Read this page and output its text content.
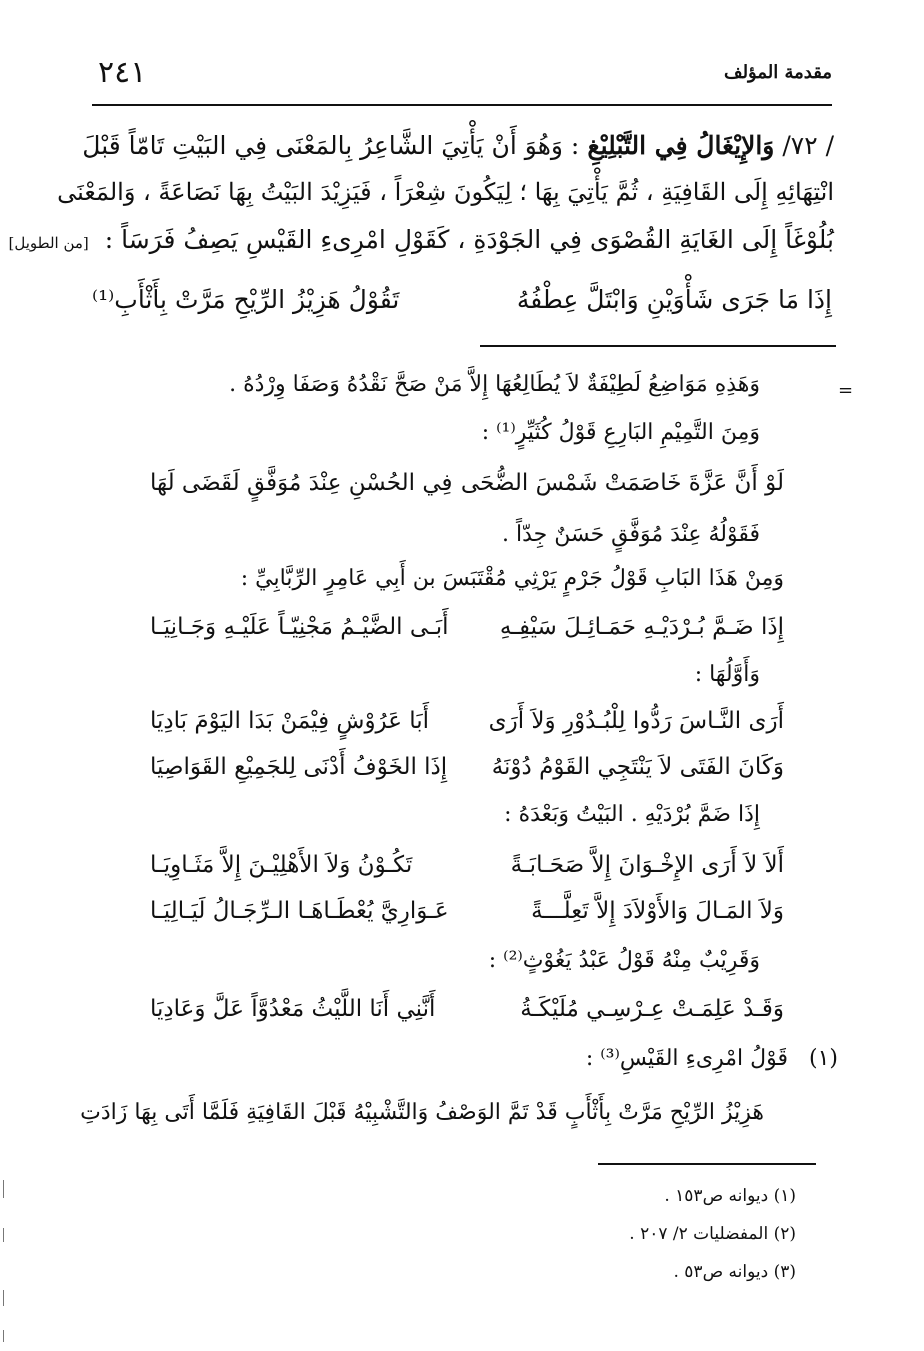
مقدمة المؤلف
٢٤١
/ ٧٢/ وَالإِيْغَالُ فِي التَّبْلِيْغِ : وَهُوَ أَنْ يَأْتِيَ الشَّاعِرُ بِالمَعْنَى فِي البَيْتِ تَامّاً قَبْلَ
انْتِهَائِهِ إِلَى القَافِيَةِ ، ثُمَّ يَأْتِيَ بِهَا ؛ لِيَكُونَ شِعْرَاً ، فَيَزِيْدَ البَيْتُ بِهَا نَصَاعَةً ، وَالمَعْنَى
بُلُوْغَاً إِلَى الغَايَةِ القُصْوَى فِي الجَوْدَةِ ، كَقَوْلِ امْرِىءِ القَيْسِ يَصِفُ فَرَسَاً : [من الطويل]
إِذَا مَا جَرَى شَأْوَيْنِ وَابْتَلَّ عِطْفُهُ
تَقُوْلُ هَزِيْزُ الرِّيْحِ مَرَّتْ بِأَثْأَبِ⁽¹⁾
=
وَهَذِهِ مَوَاضِعُ لَطِيْفَةٌ لاَ يُطَالِعُهَا إِلاَّ مَنْ صَحَّ نَقْدُهُ وَصَفَا وِرْدُهُ .
وَمِنَ التَّمِيْمِ البَارِعِ قَوْلُ كُثَيِّرٍ⁽¹⁾ :
لَوْ أَنَّ عَزَّةَ خَاصَمَتْ شَمْسَ الضُّحَى
فِي الحُسْنِ عِنْدَ مُوَفَّقٍ لَقَضَى لَهَا
فَقَوْلُهُ عِنْدَ مُوَفَّقٍ حَسَنٌ جِدّاً .
وَمِنْ هَذَا البَابِ قَوْلُ جَرْمٍ يَرْثِي مُقْتَبَسَ بن أَبِي عَامِرٍ الرِّبَّابِيِّ :
إِذَا ضَـمَّ بُـرْدَيْـهِ حَمَـائِـلَ سَيْفِـهِ
أَبَـى الضَّيْـمُ مَجْنِيّـاً عَلَيْـهِ وَجَـانِيَـا
وَأَوَّلُهَا :
أَرَى النَّـاسَ رَدُّوا لِلْبُـدُوْرِ وَلاَ أَرَى
أَبَا عَرُوْشٍ فِيْمَنْ بَدَا اليَوْمَ بَادِيَا
وَكَانَ الفَتَى لاَ يَنْتَجِي القَوْمُ دُوْنَهُ
إِذَا الخَوْفُ أَدْنَى لِلجَمِيْعِ القَوَاصِيَا
إِذَا ضَمَّ بُرْدَيْهِ . البَيْتُ وَبَعْدَهُ :
أَلاَ لاَ أَرَى الإِخْـوَانَ إِلاَّ صَحَـابَـةً
تَكُـوْنُ وَلاَ الأَهْلِيْـنَ إِلاَّ مَثَـاوِيَـا
وَلاَ المَـالَ وَالأَوْلاَدَ إِلاَّ تَعِلَّـــةً
عَـوَارِيَّ يُعْطَـاهَـا الـرِّجَـالُ لَيَـالِيَـا
وَقَرِيْبٌ مِنْهُ قَوْلُ عَبْدُ يَغُوْثٍ⁽²⁾ :
وَقَـدْ عَلِمَـتْ عِـرْسِـي مُلَيْكَـةُ
أَنَّنِي أَنَا اللَّيْثُ مَعْدُوَّاً عَلَّ وَعَادِيَا
(١) قَوْلُ امْرِىءِ القَيْسِ⁽³⁾ :
هَزِيْزُ الرِّيْحِ مَرَّتْ بِأَثْأَبٍ قَدْ تَمَّ الوَصْفُ وَالتَّشْبِيْهُ قَبْلَ القَافِيَةِ فَلَمَّا أَتَى بِهَا زَادَتِ
(١) ديوانه ص١٥٣ .
(٢) المفضليات ٢/ ٢٠٧ .
(٣) ديوانه ص٥٣ .
